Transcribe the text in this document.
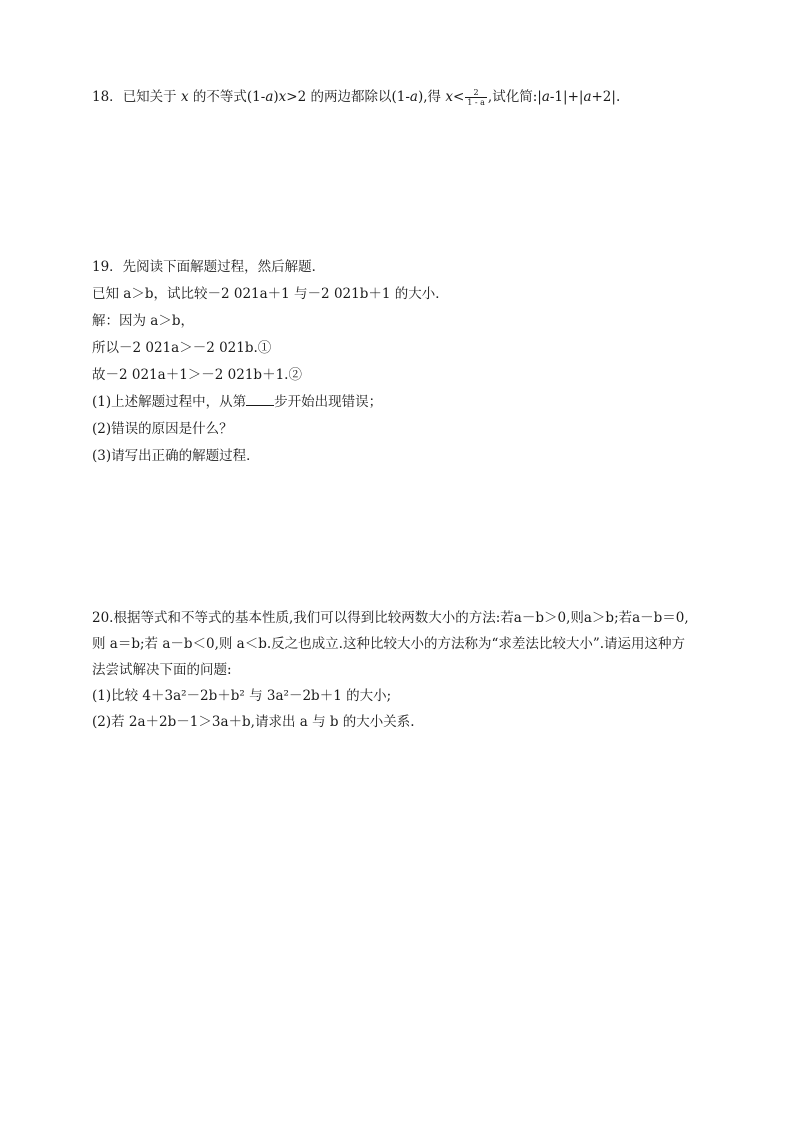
18．已知关于 x 的不等式(1-a)x>2 的两边都除以(1-a),得 $x< \frac{2}{1 - a}$ ,试化简:|a-1|+|a+2|.
19．先阅读下面解题过程，然后解题．
已知 a＞b，试比较－2 021a＋1 与－2 021b＋1 的大小．
解：因为 a＞b，
所以－2 021a＞－2 021b.①
故－2 021a＋1＞－2 021b＋1.②
(1)上述解题过程中，从第 步开始出现错误；
(2)错误的原因是什么？
(3)请写出正确的解题过程．
20.根据等式和不等式的基本性质,我们可以得到比较两数大小的方法:若a－b＞0,则a＞b;若a－b＝0,
则 a＝b;若 a－b＜0,则 a＜b.反之也成立.这种比较大小的方法称为“求差法比较大小”.请运用这种方
法尝试解决下面的问题:
(1)比较 4＋3a²－2b＋b² 与 3a²－2b＋1 的大小;
(2)若 2a＋2b－1＞3a＋b,请求出 a 与 b 的大小关系.
